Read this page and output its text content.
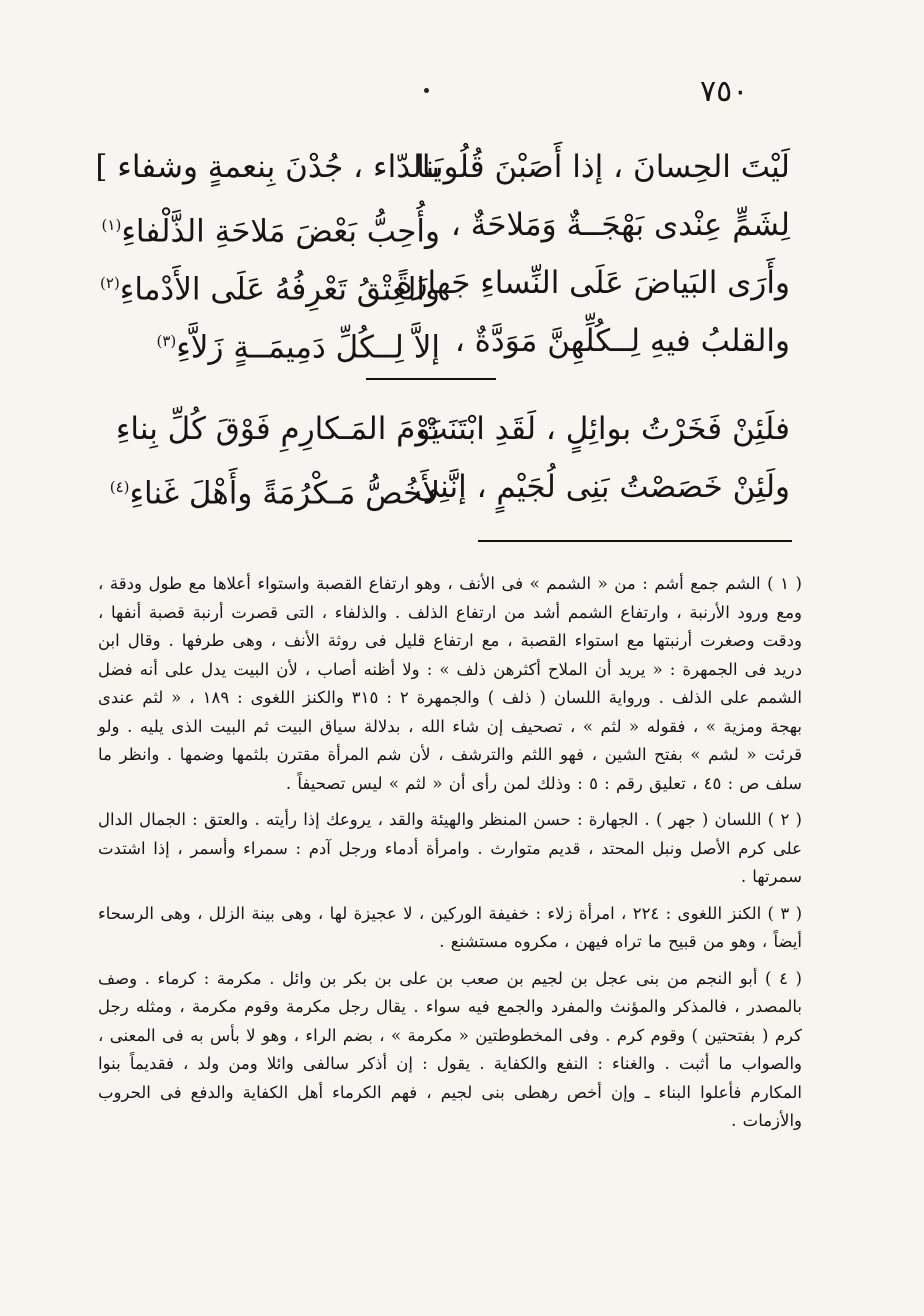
٧٥٠
لَيْتَ الحِسانَ ، إذا أَصَبْنَ قُلُوبَنا
بالدّاء ، جُدْنَ بِنعمةٍ وشفاء ]
لِشَمٍّ عِنْدى بَهْجَــةٌ وَمَلاحَةٌ ،
وأُحِبُّ بَعْضَ مَلاحَةِ الذَّلْفاءِ$^{(١)}$
وأَرَى البَياضَ عَلَى النِّساءِ جَهارَةً
والعِتْقُ تَعْرِفُهُ عَلَى الأَدْماءِ$^{(٢)}$
والقلبُ فيهِ لِــكُلِّهِنَّ مَوَدَّةٌ ،
إلاَّ لِــكُلِّ دَمِيمَــةٍ زَلاَّءِ$^{(٣)}$
فلَئِنْ فَخَرْتُ بوائِلٍ ، لَقَدِ ابْتَنَتْ
يَوْمَ المَـكارِمِ فَوْقَ كُلِّ بِناءِ
ولَئِنْ خَصَصْتُ بَنِى لُجَيْمٍ ، إنَّنِى
لأَخُصُّ مَـكْرُمَةً وأَهْلَ غَناءِ$^{(٤)}$

( ١ ) الشم جمع أشم : من « الشمم » فى الأنف ، وهو ارتفاع القصبة واستواء أعلاها مع طول ودقة ، ومع ورود الأرنبة ، وارتفاع الشمم أشد من ارتفاع الذلف . والذلفاء ، التى قصرت أرنبة قصبة أنفها ، ودقت وصغرت أرنبتها مع استواء القصبة ، مع ارتفاع قليل فى روثة الأنف ، وهى طرفها . وقال ابن دريد فى الجمهرة : « يريد أن الملاح أكثرهن ذلف » : ولا أظنه أصاب ، لأن البيت يدل على أنه فضل الشمم على الذلف . ورواية اللسان ( ذلف ) والجمهرة ٢ : ٣١٥ والكنز اللغوى : ١٨٩ ، « لثم عندى بهجة ومزية » ، فقوله « لثم » ، تصحيف إن شاء الله ، بدلالة سياق البيت ثم البيت الذى يليه . ولو قرئت « لشم » بفتح الشين ، فهو اللثم والترشف ، لأن شم المرأة مقترن بلثمها وضمها . وانظر ما سلف ص : ٤٥ ، تعليق رقم : ٥ : وذلك لمن رأى أن « لثم » ليس تصحيفاً .

( ٢ ) اللسان ( جهر ) . الجهارة : حسن المنظر والهيئة والقد ، يروعك إذا رأيته . والعتق : الجمال الدال على كرم الأصل ونبل المحتد ، قديم متوارث . وامرأة أدماء ورجل آدم : سمراء وأسمر ، إذا اشتدت سمرتها .

( ٣ ) الكنز اللغوى : ٢٢٤ ، امرأة زلاء : خفيفة الوركين ، لا عجيزة لها ، وهى بينة الزلل ، وهى الرسحاء أيضاً ، وهو من قبيح ما تراه فيهن ، مكروه مستشنع .

( ٤ ) أبو النجم من بنى عجل بن لجيم بن صعب بن على بن بكر بن وائل . مكرمة : كرماء . وصف بالمصدر ، فالمذكر والمؤنث والمفرد والجمع فيه سواء . يقال رجل مكرمة وقوم مكرمة ، ومثله رجل كرم ( بفتحتين ) وقوم كرم . وفى المخطوطتين « مكرمة » ، بضم الراء ، وهو لا بأس به فى المعنى ، والصواب ما أثبت . والغناء : النفع والكفاية . يقول : إن أذكر سالفى وائلا ومن ولد ، فقديماً بنوا المكارم فأعلوا البناء ـ وإن أخص رهطى بنى لجيم ، فهم الكرماء أهل الكفاية والدفع فى الحروب والأزمات .
